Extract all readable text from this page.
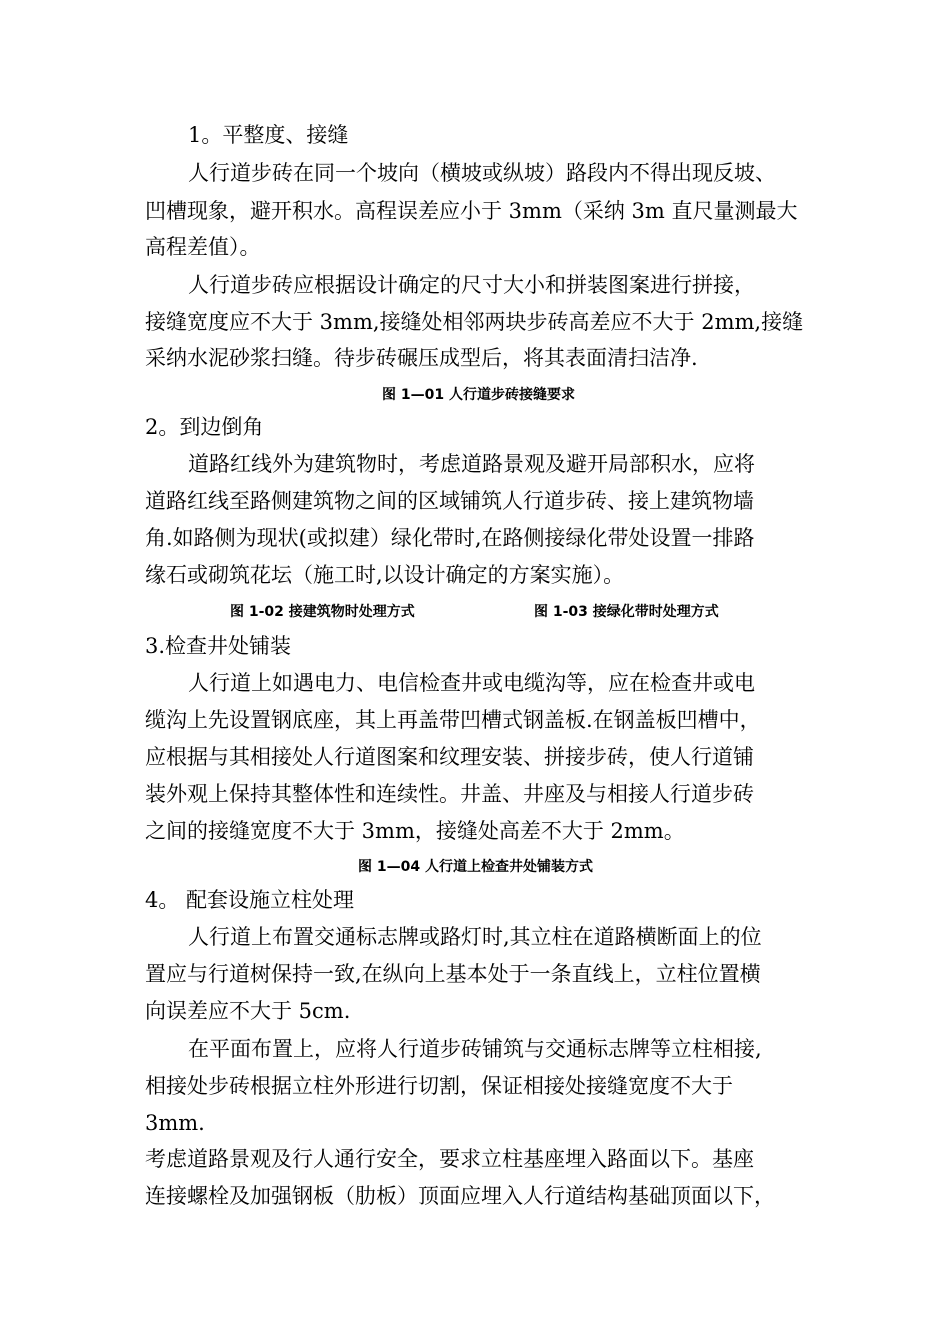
1。平整度、接缝
人行道步砖在同一个坡向（横坡或纵坡）路段内不得出现反坡、
凹槽现象，避开积水。高程误差应小于 3mm（采纳 3m 直尺量测最大
高程差值）。
人行道步砖应根据设计确定的尺寸大小和拼装图案进行拼接，
接缝宽度应不大于 3mm,接缝处相邻两块步砖高差应不大于 2mm,接缝
采纳水泥砂浆扫缝。待步砖碾压成型后，将其表面清扫洁净.
图 1—01 人行道步砖接缝要求
2。到边倒角
道路红线外为建筑物时，考虑道路景观及避开局部积水，应将
道路红线至路侧建筑物之间的区域铺筑人行道步砖、接上建筑物墙
角.如路侧为现状(或拟建）绿化带时,在路侧接绿化带处设置一排路
缘石或砌筑花坛（施工时,以设计确定的方案实施）。
图 1-02 接建筑物时处理方式	图 1-03 接绿化带时处理方式
3.检查井处铺装
人行道上如遇电力、电信检查井或电缆沟等，应在检查井或电
缆沟上先设置钢底座，其上再盖带凹槽式钢盖板.在钢盖板凹槽中，
应根据与其相接处人行道图案和纹理安装、拼接步砖，使人行道铺
装外观上保持其整体性和连续性。井盖、井座及与相接人行道步砖
之间的接缝宽度不大于 3mm，接缝处高差不大于 2mm。
图 1—04 人行道上检查井处铺装方式
4。 配套设施立柱处理
人行道上布置交通标志牌或路灯时,其立柱在道路横断面上的位
置应与行道树保持一致,在纵向上基本处于一条直线上，立柱位置横
向误差应不大于 5cm.
在平面布置上，应将人行道步砖铺筑与交通标志牌等立柱相接,
相接处步砖根据立柱外形进行切割，保证相接处接缝宽度不大于
3mm.
考虑道路景观及行人通行安全，要求立柱基座埋入路面以下。基座
连接螺栓及加强钢板（肋板）顶面应埋入人行道结构基础顶面以下，
